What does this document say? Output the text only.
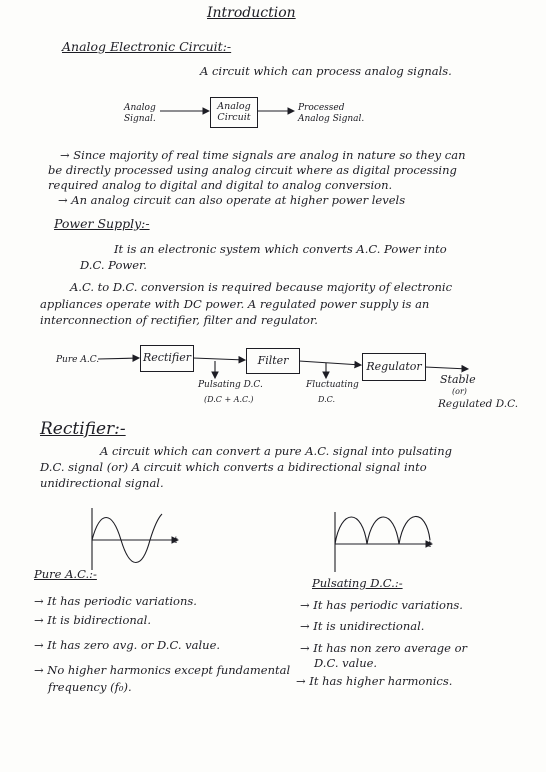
Introduction
Analog Electronic Circuit:-
A circuit which can process analog signals.
Analog Signal.
Analog Circuit
Processed Analog Signal.
→ Since majority of real time signals are analog in nature so they can
be directly processed using analog circuit where as digital processing
required analog to digital and digital to analog conversion.
→ An analog circuit can also operate at higher power levels
Power Supply:-
It is an electronic system which converts A.C. Power into
D.C. Power.
A.C. to D.C. conversion is required because majority of electronic
appliances operate with DC power. A regulated power supply is an
interconnection of rectifier, filter and regulator.
Pure A.C.	Rectifier	Filter	Regulator
Pulsating D.C.
(D.C + A.C.)
Fluctuating
D.C.
Stable
(or)
Regulated D.C.
Rectifier:-
A circuit which can convert a pure A.C. signal into pulsating
D.C. signal (or) A circuit which converts a bidirectional signal into
unidirectional signal.
t	t
Pure A.C.:-
Pulsating D.C.:-
→ It has periodic variations.
→ It is bidirectional.
→ It has zero avg. or D.C. value.
→ No higher harmonics except fundamental
frequency (f₀).
→ It has periodic variations.
→ It is unidirectional.
→ It has non zero average or
D.C. value.
→ It has higher harmonics.
